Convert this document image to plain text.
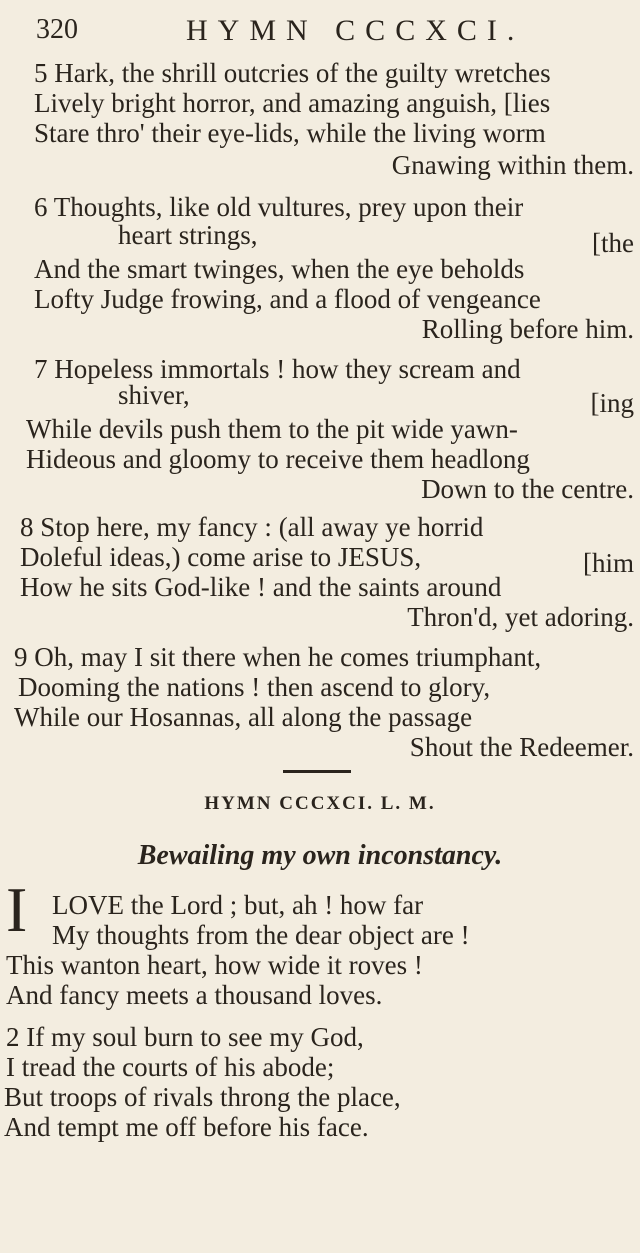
320	HYMN CCCXCI.
5 Hark, the shrill outcries of the guilty wretches
Lively bright horror, and amazing anguish, [lies
Stare thro' their eye-lids, while the living worm
Gnawing within them.
6 Thoughts, like old vultures, prey upon their
heart strings,	[the
And the smart twinges, when the eye beholds
Lofty Judge frowing, and a flood of vengeance
Rolling before him.
7 Hopeless immortals ! how they scream and
shiver,	[ing
While devils push them to the pit wide yawn-
Hideous and gloomy to receive them headlong
Down to the centre.
8 Stop here, my fancy : (all away ye horrid
Doleful ideas,) come arise to JESUS,	[him
How he sits God-like ! and the saints around
Thron'd, yet adoring.
9 Oh, may I sit there when he comes triumphant,
Dooming the nations ! then ascend to glory,
While our Hosannas, all along the passage
Shout the Redeemer.
HYMN CCCXCI. L. M.
Bewailing my own inconstancy.
I LOVE the Lord ; but, ah ! how far
My thoughts from the dear object are !
This wanton heart, how wide it roves !
And fancy meets a thousand loves.
2 If my soul burn to see my God,
I tread the courts of his abode;
But troops of rivals throng the place,
And tempt me off before his face.
